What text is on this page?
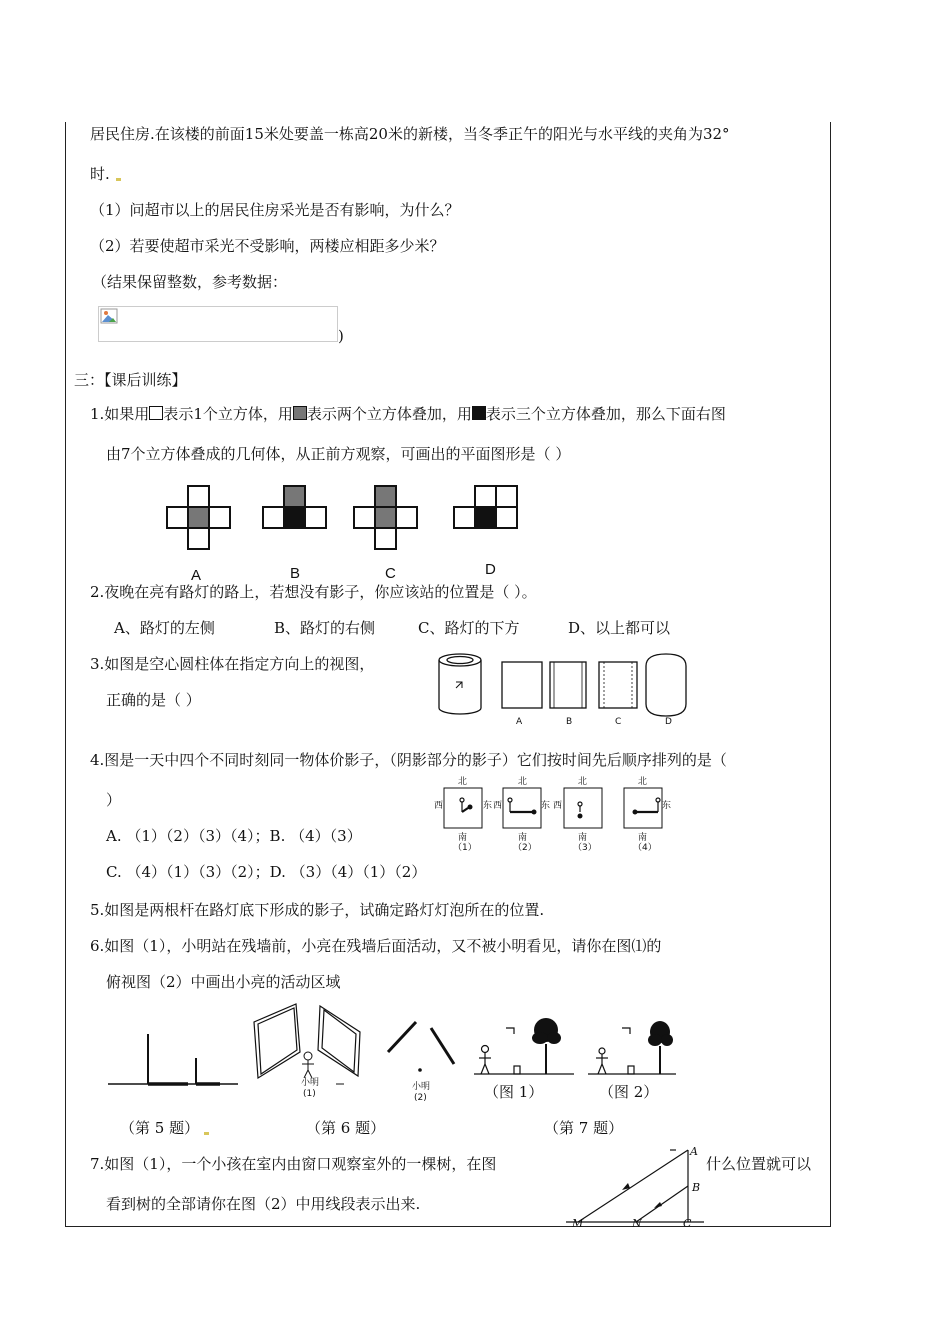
居民住房.在该楼的前面15米处要盖一栋高20米的新楼，当冬季正午的阳光与水平线的夹角为32°
时.
（1）问超市以上的居民住房采光是否有影响，为什么？
（2）若要使超市采光不受影响，两楼应相距多少米？
（结果保留整数，参考数据：
)
三：【课后训练】
1.如果用 表示1个立方体，用 表示两个立方体叠加，用 表示三个立方体叠加，那么下面右图
由7个立方体叠成的几何体，从正前方观察，可画出的平面图形是（ ）
A	B	C	D
2.夜晚在亮有路灯的路上，若想没有影子，你应该站的位置是（ ）。
A、路灯的左侧	B、路灯的右侧	C、路灯的下方	D、以上都可以
3.如图是空心圆柱体在指定方向上的视图，
正确的是（ ）
A	B	C	D
4.图是一天中四个不同时刻同一物体价影子，（阴影部分的影子）它们按时间先后顺序排列的是（
）
A. （1）（2）（3）（4）；B. （4）（3）
C. （4）（1）（3）（2）；D. （3）（4）（1）（2）
北	北	北	北
西	东 西	东 西	东
南	南	南	南
（1）	（2）	（3）	（4）
5.如图是两根杆在路灯底下形成的影子，试确定路灯灯泡所在的位置.
6.如图（1），小明站在残墙前，小亮在残墙后面活动，又不被小明看见，请你在图⑴的
俯视图（2）中画出小亮的活动区域
小明
(1)
小明
(2)	（图 1）	（图 2）
（第 5 题）	（第 6 题）	（第 7 题）
7.如图（1），一个小孩在室内由窗口观察室外的一棵树，在图	什么位置就可以
看到树的全部请你在图（2）中用线段表示出来.
A
B
M	N	C
